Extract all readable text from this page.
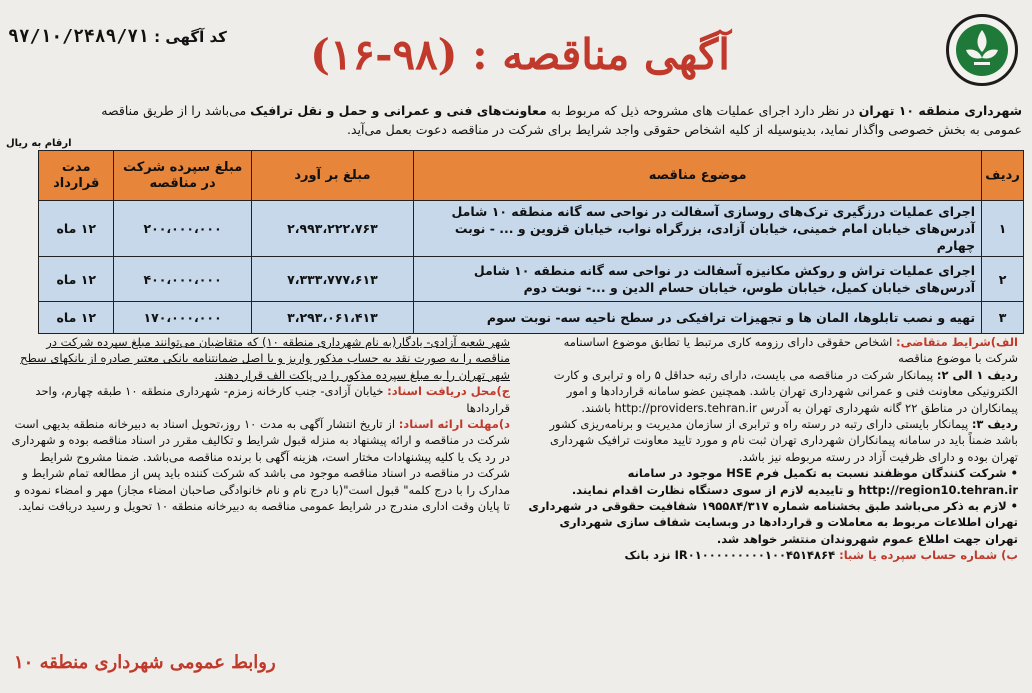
آگهی مناقصه : (۹۸-۱۶)
کد آگهی : ۹۷/۱۰/۲۴۸۹/۷۱
شهرداری منطقه ۱۰ تهران در نظر دارد اجرای عملیات های مشروحه ذیل که مربوط به معاونت‌های فنی و عمرانی و حمل و نقل ترافیک می‌باشد را از طریق مناقصه عمومی به بخش خصوصی واگذار نماید، بدینوسیله از کلیه اشخاص حقوقی واجد شرایط برای شرکت در مناقصه دعوت بعمل می‌آید.
ارقام به ریال
ردیف	موضوع مناقصه	مبلغ بر آورد	مبلغ سپرده شرکت در مناقصه	مدت قرارداد
۱	اجرای عملیات درزگیری ترک‌های روسازی آسفالت در نواحی سه گانه منطقه ۱۰ شامل آدرس‌های خیابان امام خمینی، خیابان آزادی، بزرگراه نواب، خیابان قزوین و ... - نوبت چهارم	۲،۹۹۳،۲۲۲،۷۶۳	۲۰۰،۰۰۰،۰۰۰	۱۲ ماه
۲	اجرای عملیات تراش و روکش مکانیزه آسفالت در نواحی سه گانه منطقه ۱۰ شامل آدرس‌های خیابان کمیل، خیابان طوس، خیابان حسام الدین و ...- نوبت دوم	۷،۳۳۳،۷۷۷،۶۱۳	۴۰۰،۰۰۰،۰۰۰	۱۲ ماه
۳	تهیه و نصب تابلوها، المان ها و تجهیزات ترافیکی در سطح ناحیه سه- نوبت سوم	۳،۲۹۳،۰۶۱،۴۱۳	۱۷۰،۰۰۰،۰۰۰	۱۲ ماه

الف)شرایط متقاضی: اشخاص حقوقی دارای رزومه کاری مرتبط یا تطابق موضوع اساسنامه شرکت با موضوع مناقصه

ردیف ۱ الی ۲: پیمانکار شرکت در مناقصه می بایست، دارای رتبه حداقل ۵ راه و ترابری و کارت الکترونیکی معاونت فنی و عمرانی شهرداری تهران باشد. همچنین عضو سامانه قراردادها و امور پیمانکاران در مناطق ۲۲ گانه شهرداری تهران به آدرس http://providers.tehran.ir باشند.

ردیف ۳: پیمانکار بایستی دارای رتبه در رسته راه و ترابری از سازمان مدیریت و برنامه‌ریزی کشور باشد ضمناً باید در سامانه پیمانکاران شهرداری تهران ثبت نام و مورد تایید معاونت ترافیک شهرداری تهران بوده و دارای ظرفیت آزاد در رسته مربوطه نیز باشد.

• شرکت کنندگان موظفند نسبت به تکمیل فرم HSE موجود در سامانه http://region10.tehran.ir و تاییدیه لازم از سوی دستگاه نظارت اقدام نمایند.

• لازم به ذکر می‌باشد طبق بخشنامه شماره ۱۹۵۵۸۴/۳۱۷ شفافیت حقوقی در شهرداری تهران اطلاعات مربوط به معاملات و قراردادها در وبسایت شفاف سازی شهرداری تهران جهت اطلاع عموم شهروندان منتشر خواهد شد.

ب) شماره حساب سپرده یا شبا: IR۰۱۰۰۰۰۰۰۰۰۰۱۰۰۴۵۱۴۸۶۴ نزد بانک

شهر شعبه آزادی- یادگار(به نام شهرداری منطقه ۱۰) که متقاضیان می‌توانند مبلغ سپرده شرکت در مناقصه را به صورت نقد به حساب مذکور واریز و یا اصل ضمانتنامه بانکی معتبر صادره از بانکهای سطح شهر تهران را به مبلغ سپرده مذکور را در پاکت الف قرار دهند.

ج)محل دریافت اسناد: خیابان آزادی- جنب کارخانه زمزم- شهرداری منطقه ۱۰ طبقه چهارم، واحد قراردادها

د)مهلت ارائه اسناد: از تاریخ انتشار آگهی به مدت ۱۰ روز،تحویل اسناد به دبیرخانه منطقه بدیهی است شرکت در مناقصه و ارائه پیشنهاد به منزله قبول شرایط و تکالیف مقرر در اسناد مناقصه بوده و شهرداری در رد یک یا کلیه پیشنهادات مختار است، هزینه آگهی با برنده مناقصه می‌باشد. ضمنا مشروح شرایط شرکت در مناقصه در اسناد مناقصه موجود می باشد که شرکت کننده باید پس از مطالعه تمام شرایط و مدارک را با درج کلمه" قبول است"(با درج نام و نام خانوادگی صاحبان امضاء مجاز) مهر و امضاء نموده و تا پایان وقت اداری مندرج در شرایط عمومی مناقصه به دبیرخانه منطقه ۱۰ تحویل و رسید دریافت نماید.

روابط عمومی شهرداری منطقه ۱۰
